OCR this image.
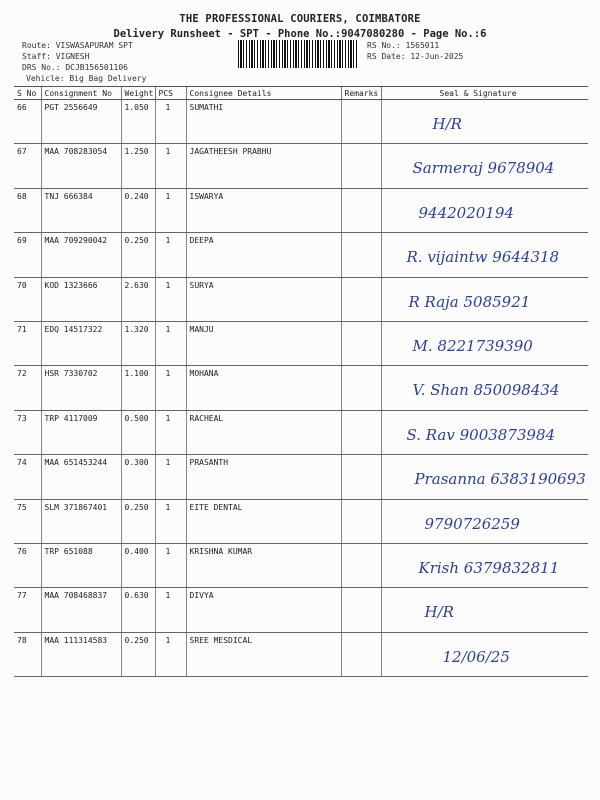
THE PROFESSIONAL COURIERS, COIMBATORE
Delivery Runsheet - SPT - Phone No.:9047080280 - Page No.:6
Route: VISWASAPURAM SPT
Staff: VIGNESH
DRS No.: DCJB156501106
Vehicle: Big Bag Delivery
RS No.: 1565011
RS Date: 12-Jun-2025
S No	Consignment No	Weight	PCS	Consignee Details	Remarks	Seal & Signature
66	PGT 2556649	1.050	1	SUMATHI		H/R
67	MAA 708283054	1.250	1	JAGATHEESH PRABHU		Sarmeraj 9678904
68	TNJ 666384	0.240	1	ISWARYA		9442020194
69	MAA 709290042	0.250	1	DEEPA		R. vijaintw 9644318
70	KOD 1323666	2.630	1	SURYA		R Raja 5085921
71	EDQ 14517322	1.320	1	MANJU		M. 8221739390
72	HSR 7330702	1.100	1	MOHANA		V. Shan 850098434
73	TRP 4117009	0.500	1	RACHEAL		S. Rav 9003873984
74	MAA 651453244	0.300	1	PRASANTH		Prasanna 6383190693
75	SLM 371867401	0.250	1	EITE DENTAL		9790726259
76	TRP 651088	0.400	1	KRISHNA KUMAR		Krish 6379832811
77	MAA 708468837	0.630	1	DIVYA		H/R
78	MAA 111314583	0.250	1	SREE MESDICAL		12/06/25
